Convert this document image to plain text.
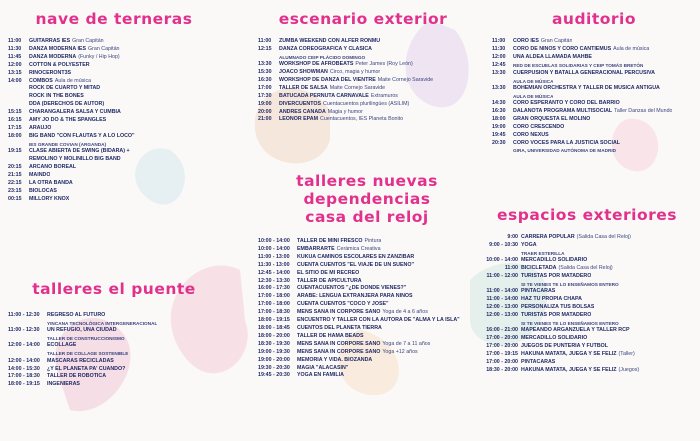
nave de terneras
11:00	GUITARRAS IES Gran Capitán
11:30	DANZA MODERNA IES Gran Capitán
11:45	DANZA MODERNA (Funky / Hip Hop)
12:00	COTTON & POLYESTER
13:15	RINOCERONT3S
14:00	COMBOS Aula de música
ROCK DE CUARTO Y MITAD
ROCK IN THE BONES
DDA (DERECHOS DE AUTOR)
15:15	CHARANGALERA SALSA Y CUMBIA
16:15	AMY JO DO & THE SPANGLES
17:15	ARAUJO
18:00	BIG BAND "CON FLAUTAS Y A LO LOCO"
IES GRANDE COVIAN (ARGANDA)
19:15	CLASE ABIERTA DE SWING (BIDARA) +
REMOLINO Y MOLINILLO BIG BAND
20:15	ARCANO BOREAL
21:15	MAÍNDO
22:15	LA OTRA BANDA
23:15	BIOLOCAS
00:15	MILLORY KNOX
talleres el puente
11:00 - 12:30	REGRESO AL FUTURO
YINCANA TECNOLÓGICA INTERGENERACIONAL
11:00 - 12:30	UN REFUGIO, UNA CIUDAD
TALLER DE CONSTRUCCIONISMO
12:00 - 14:00	ECOLLAGE
TALLER DE COLLAGE SOSTENIBLE
12:00 - 14:00	MÁSCARAS RECICLADAS
14:00 - 15:30	¿Y EL PLANETA PA' CUANDO?
17:00 - 18:30	TALLER DE ROBÓTICA
18:00 - 19:15	INGENIERAS
escenario exterior
11:00	ZUMBA WEEKEND CON ALFER RONMU
12:15	DANZA COREOGRÁFICA Y CLÁSICA
ALUMNADO CEIP PLÁCIDO DOMINGO
13:30	WORKSHOP DE AFROBEATS Peter James (Roy León)
15:30	JOACO SHOWMAN Circo, magia y humor
16:30	WORKSHOP DE DANZA DEL VIENTRE Maite Cornejo Saravide
17:00	TALLER DE SALSA Maite Cornejo Saravide
17:30	BATUCADA PERNUTA CARNAVALE Extramuros
19:00	DIVERCUENTOS Cuentacuentos plurilingües (ASILIM)
20:00	ANDRÉS CAÑADA Magia y humor
21:00	LEONOR EPAM Cuentacuentos, IES Planeta Bonito
talleres nuevas dependencias
casa del reloj
10:00 - 14:00	TALLER DE MINI FRESCO Pintura
10:00 - 14:00	EMBARRARTE Cerámica Creativa
11:00 - 13:00	KUKUA CAMINOS ESCOLARES EN ZANZIBAR
11:30 - 13:00	CUENTA CUENTOS "EL VIAJE DE UN SUEÑO"
12:45 - 14:00	EL SITIO DE MI RECREO
12:30 - 13:30	TALLER DE APICULTURA
16:00 - 17:30	CUENTACUENTOS "¿DE DÓNDE VIENES?"
17:00 - 18:00	ÁRABE: LENGUA EXTRANJERA PARA NIÑOS
17:00 - 18:00	CUENTA CUENTOS "COCO Y JOSÉ"
17:00 - 18:30	MENS SANA IN CORPORE SANO Yoga de 4 a 6 años
18:00 - 19:15	ENCUENTRO Y TALLER CON LA AUTORA DE "ALMA Y LA ISLA"
18:00 - 18:45	CUENTOS DEL PLANETA TIERRA
18:00 - 20:00	TALLER DE HAMA BEADS
18:30 - 19:30	MENS SANA IN CORPORE SANO Yoga de 7 a 11 años
19:00 - 19:30	MENS SANA IN CORPORE SANO Yoga +12 años
19:00 - 20:00	MEMORIA Y VIDA. BIOZANDA
19:30 - 20:30	MAGIA "ALACASÍN"
19:45 - 20:30	YOGA EN FAMILIA
auditorio
11:00	CORO IES Gran Capitán
11:30	CORO DE NIÑOS Y CORO CANTIEMUS Aula de música
12:00	UNA ALDEA LLAMADA MAHBÉ
12:45	RED DE ESCUELAS SOLIDARIAS Y CEIP TOMÁS BRETÓN
13:30	CUERPUSIÓN Y BATALLA GENERACIONAL PERCUSIVA
AULA DE MÚSICA
13:30	BOHEMIAN ORCHESTRA Y TALLER DE MÚSICA ANTIGUA
AULA DE MÚSICA
14:30	CORO ESPERANTO Y CORO DEL BARRIO
16:30	DALANOTA PROGRAMA MULTISOCIAL Taller Danzas del Mundo
18:00	GRAN ORQUESTA EL MOLINO
19:00	CORO CRESCENDO
19:45	CORO NEXUS
20:30	CORO VOCES PARA LA JUSTICIA SOCIAL
GIRA, UNIVERSIDAD AUTÓNOMA DE MADRID
espacios exteriores
9:00 CARRERA POPULAR (Salida Casa del Reloj)
9:00 - 10:30 YOGA
TRAER ESTERILLA
10:00 - 14:00 MERCADILLO SOLIDARIO
11:00 BICICLETADA (Salida Casa del Reloj)
11:00 - 12:00 TURISTAS POR MATADERO
SI TE VIENES TE LO ENSEÑAMOS ENTERO
11:00 - 14:00 PINTACARAS
11:00 - 14:00 HAZ TU PROPIA CHAPA
12:00 - 13:00 PERSONALIZA TUS BOLSAS
12:00 - 13:00 TURISTAS POR MATADERO
SI TE VIENES TE LO ENSEÑAMOS ENTERO
16:00 - 21:00 MAPEANDO ARGANZUELA Y TALLER RCP
17:00 - 20:00 MERCADILLO SOLIDARIO
17:00 - 20:00 JUEGOS DE PUNTERÍA Y FÚTBOL
17:00 - 19:15 HAKUNA MATATA, JUEGA Y SÉ FELIZ (Taller)
17:00 - 20:00 PINTACARAS
18:30 - 20:00 HAKUNA MATATA, JUEGA Y SÉ FELIZ (Juegos)
